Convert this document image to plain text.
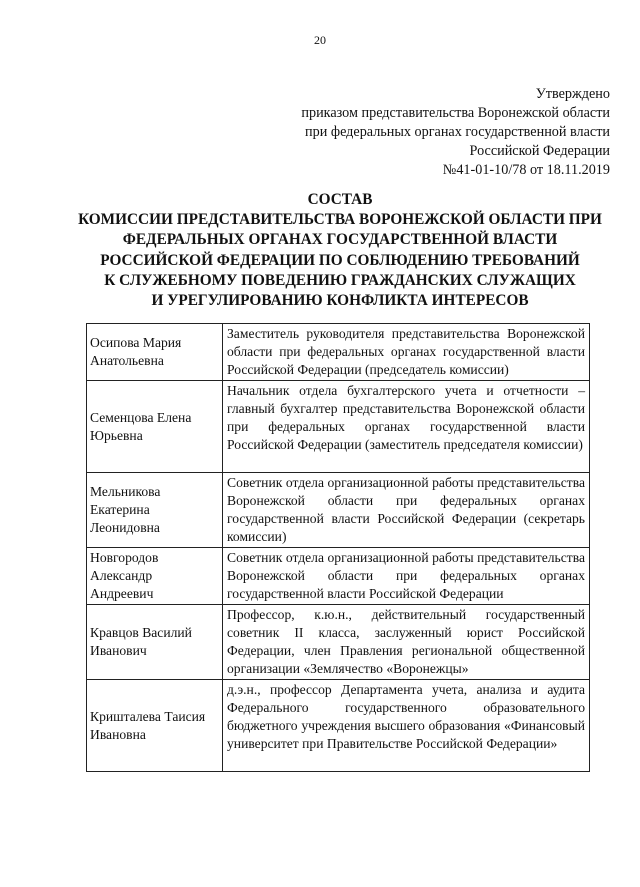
20
Утверждено
приказом представительства Воронежской области
при федеральных органах государственной власти
Российской Федерации
№41-01-10/78 от 18.11.2019
СОСТАВ
КОМИССИИ ПРЕДСТАВИТЕЛЬСТВА ВОРОНЕЖСКОЙ ОБЛАСТИ ПРИ
ФЕДЕРАЛЬНЫХ ОРГАНАХ ГОСУДАРСТВЕННОЙ ВЛАСТИ
РОССИЙСКОЙ ФЕДЕРАЦИИ ПО СОБЛЮДЕНИЮ ТРЕБОВАНИЙ
К СЛУЖЕБНОМУ ПОВЕДЕНИЮ ГРАЖДАНСКИХ СЛУЖАЩИХ
И УРЕГУЛИРОВАНИЮ КОНФЛИКТА ИНТЕРЕСОВ
Осипова Мария Анатольевна	Заместитель руководителя представительства Воронежской области при федеральных органах государственной власти Российской Федерации (председатель комиссии)
Семенцова Елена Юрьевна	Начальник отдела бухгалтерского учета и отчетности – главный бухгалтер представительства Воронежской области при федеральных органах государственной власти Российской Федерации (заместитель председателя комиссии)
Мельникова Екатерина Леонидовна	Советник отдела организационной работы представительства Воронежской области при федеральных органах государственной власти Российской Федерации (секретарь комиссии)
Новгородов Александр Андреевич	Советник отдела организационной работы представительства Воронежской области при федеральных органах государственной власти Российской Федерации
Кравцов Василий Иванович	Профессор, к.ю.н., действительный государственный советник II класса, заслуженный юрист Российской Федерации, член Правления региональной общественной организации «Землячество «Воронежцы»
Кришталева Таисия Ивановна	д.э.н., профессор Департамента учета, анализа и аудита Федерального государственного образовательного бюджетного учреждения высшего образования «Финансовый университет при Правительстве Российской Федерации»
